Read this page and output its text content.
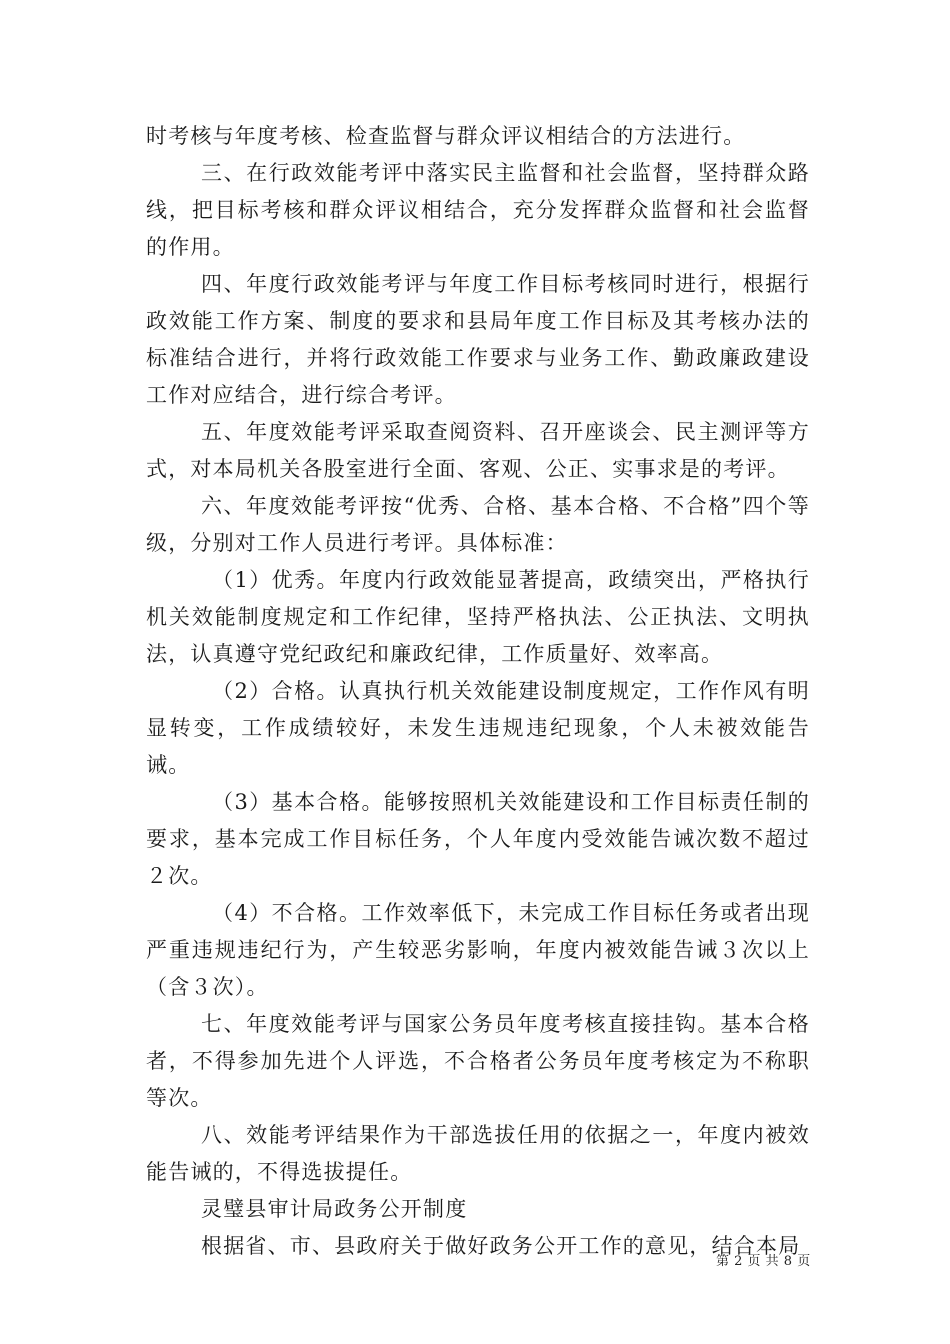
时考核与年度考核、检查监督与群众评议相结合的方法进行。

三、在行政效能考评中落实民主监督和社会监督，坚持群众路线，把目标考核和群众评议相结合，充分发挥群众监督和社会监督的作用。

四、年度行政效能考评与年度工作目标考核同时进行，根据行政效能工作方案、制度的要求和县局年度工作目标及其考核办法的标准结合进行，并将行政效能工作要求与业务工作、勤政廉政建设工作对应结合，进行综合考评。

五、年度效能考评采取查阅资料、召开座谈会、民主测评等方式，对本局机关各股室进行全面、客观、公正、实事求是的考评。

六、年度效能考评按“优秀、合格、基本合格、不合格”四个等级，分别对工作人员进行考评。具体标准：

（1）优秀。年度内行政效能显著提高，政绩突出，严格执行机关效能制度规定和工作纪律，坚持严格执法、公正执法、文明执法，认真遵守党纪政纪和廉政纪律，工作质量好、效率高。

（2）合格。认真执行机关效能建设制度规定，工作作风有明显转变，工作成绩较好，未发生违规违纪现象，个人未被效能告诫。

（3）基本合格。能够按照机关效能建设和工作目标责任制的要求，基本完成工作目标任务，个人年度内受效能告诫次数不超过２次。

（4）不合格。工作效率低下，未完成工作目标任务或者出现严重违规违纪行为，产生较恶劣影响，年度内被效能告诫３次以上（含３次）。

七、年度效能考评与国家公务员年度考核直接挂钩。基本合格者，不得参加先进个人评选，不合格者公务员年度考核定为不称职等次。

八、效能考评结果作为干部选拔任用的依据之一，年度内被效能告诫的，不得选拔提任。

灵璧县审计局政务公开制度

根据省、市、县政府关于做好政务公开工作的意见，结合本局

第 2 页 共 8 页
